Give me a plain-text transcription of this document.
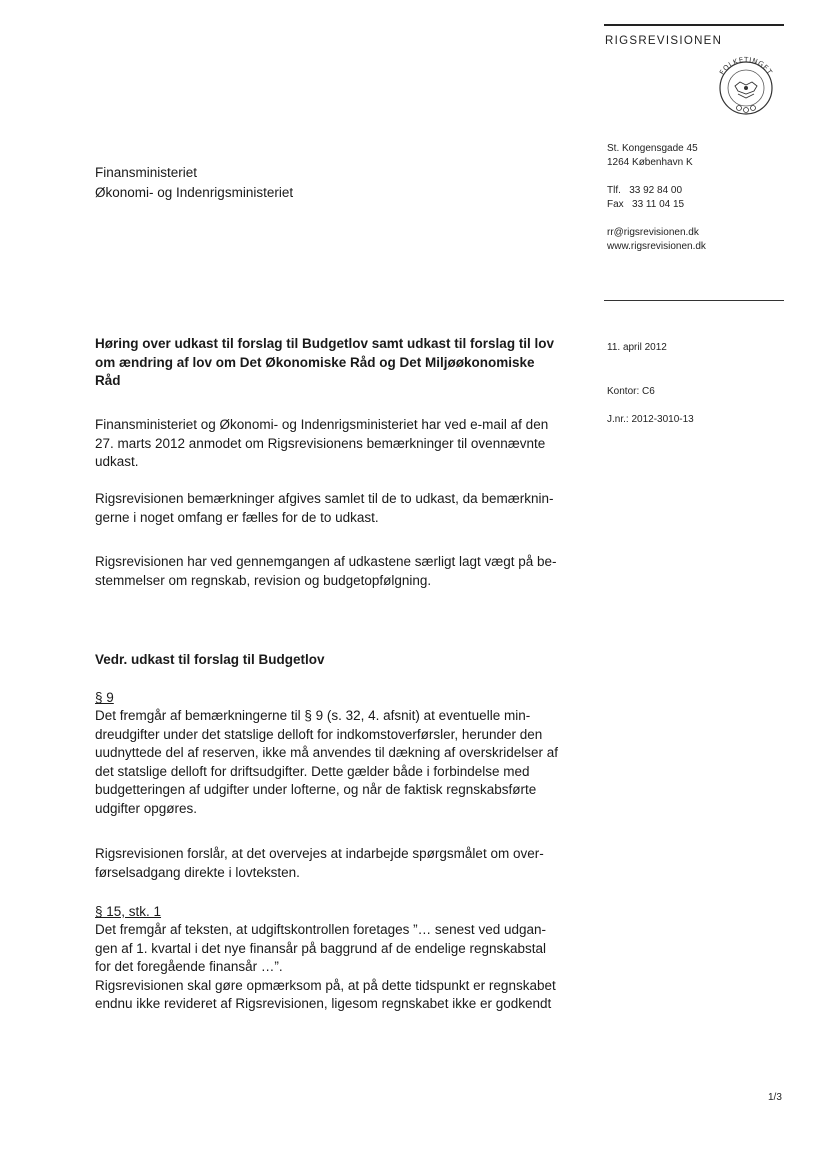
RIGSREVISIONEN
FOLKETINGET
St. Kongensgade 45
1264 København K
Tlf.   33 92 84 00
Fax   33 11 04 15
rr@rigsrevisionen.dk
www.rigsrevisionen.dk
11. april 2012
Kontor: C6
J.nr.: 2012-3010-13
Finansministeriet
Økonomi- og Indenrigsministeriet
Høring over udkast til forslag til Budgetlov samt udkast til forslag til lov
om ændring af lov om Det Økonomiske Råd og Det Miljøøkonomiske
Råd
Finansministeriet og Økonomi- og Indenrigsministeriet har ved e-mail af den
27. marts 2012 anmodet om Rigsrevisionens bemærkninger til ovennævnte
udkast.
Rigsrevisionen bemærkninger afgives samlet til de to udkast, da bemærknin-
gerne i noget omfang er fælles for de to udkast.
Rigsrevisionen har ved gennemgangen af udkastene særligt lagt vægt på be-
stemmelser om regnskab, revision og budgetopfølgning.
Vedr. udkast til forslag til Budgetlov
§ 9
Det fremgår af bemærkningerne til § 9 (s. 32, 4. afsnit) at eventuelle min-
dreudgifter under det statslige delloft for indkomstoverførsler, herunder den
uudnyttede del af reserven, ikke må anvendes til dækning af overskridelser af
det statslige delloft for driftsudgifter. Dette gælder både i forbindelse med
budgetteringen af udgifter under lofterne, og når de faktisk regnskabsførte
udgifter opgøres.
Rigsrevisionen forslår, at det overvejes at indarbejde spørgsmålet om over-
førselsadgang direkte i lovteksten.
§ 15, stk. 1
Det fremgår af teksten, at udgiftskontrollen foretages ”… senest ved udgan-
gen af 1. kvartal i det nye finansår på baggrund af de endelige regnskabstal
for det foregående finansår …”.
Rigsrevisionen skal gøre opmærksom på, at på dette tidspunkt er regnskabet
endnu ikke revideret af Rigsrevisionen, ligesom regnskabet ikke er godkendt
1/3
